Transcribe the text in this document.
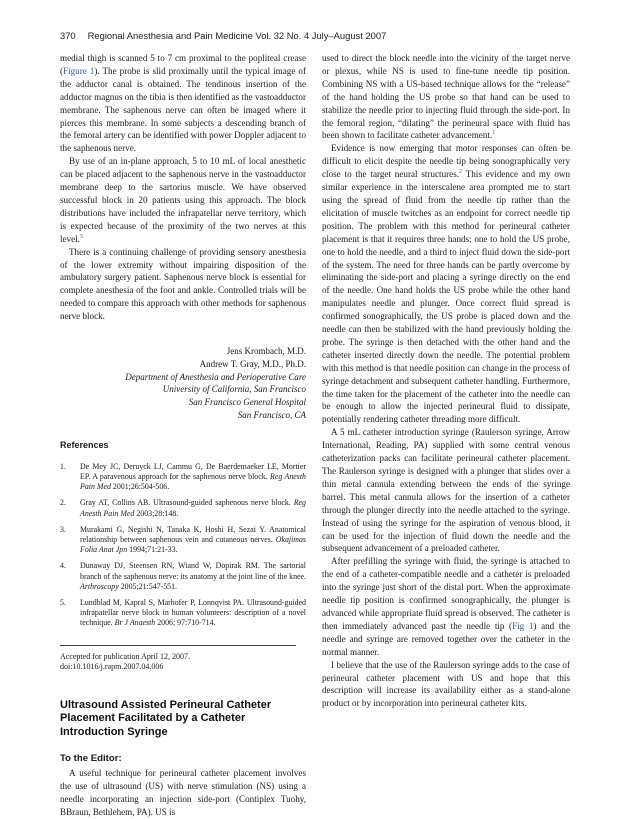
370 Regional Anesthesia and Pain Medicine Vol. 32 No. 4 July–August 2007

medial thigh is scanned 5 to 7 cm proximal to the popliteal crease (Figure 1). The probe is slid proximally until the typical image of the adductor canal is obtained. The tendinous insertion of the adductor magnus on the tibia is then identified as the vastoadductor membrane. The saphenous nerve can often be imaged where it pierces this membrane. In some subjects a descending branch of the femoral artery can be identified with power Doppler adjacent to the saphenous nerve.

By use of an in-plane approach, 5 to 10 mL of local anesthetic can be placed adjacent to the saphenous nerve in the vastoadductor membrane deep to the sartorius muscle. We have observed successful block in 20 patients using this approach. The block distributions have included the infrapatellar nerve territory, which is expected because of the proximity of the two nerves at this level.$^5$

There is a continuing challenge of providing sensory anesthesia of the lower extremity without impairing disposition of the ambulatory surgery patient. Saphenous nerve block is essential for complete anesthesia of the foot and ankle. Controlled trials will be needed to compare this approach with other methods for saphenous nerve block.

Jens Krombach, M.D.
Andrew T. Gray, M.D., Ph.D.
Department of Anesthesia and Perioperative Care
University of California, San Francisco
San Francisco General Hospital
San Francisco, CA
References
1. De Mey JC, Deruyck LJ, Cammu G, De Baerdemaeker LE, Mortier EP. A paravenous approach for the saphenous nerve block. Reg Anesth Pain Med 2001;26:504-506.
2. Gray AT, Collins AB. Ultrasound-guided saphenous nerve block. Reg Anesth Pain Med 2003;28:148.
3. Murakami G, Negishi N, Tanaka K, Hoshi H, Sezai Y. Anatomical relationship between saphenous vein and cutaneous nerves. Okajimas Folia Anat Jpn 1994;71:21-33.
4. Dunaway DJ, Steensen RN, Wiand W, Dopirak RM. The sartorial branch of the saphenous nerve: its anatomy at the joint line of the knee. Arthroscopy 2005;21:547-551.
5. Lundblad M, Kapral S, Marhofer P, Lonnqvist PA. Ultrasound-guided infrapatellar nerve block in human volunteers: description of a novel technique. Br J Anaesth 2006; 97:710-714.
Accepted for publication April 12, 2007.
doi:10.1016/j.rapm.2007.04.006
Ultrasound Assisted Perineural Catheter Placement Facilitated by a Catheter Introduction Syringe
To the Editor:

A useful technique for perineural catheter placement involves the use of ultrasound (US) with nerve stimulation (NS) using a needle incorporating an injection side-port (Contiplex Tuohy, BBraun, Bethlehem, PA). US is

used to direct the block needle into the vicinity of the target nerve or plexus, while NS is used to fine-tune needle tip position. Combining NS with a US-based technique allows for the “release” of the hand holding the US probe so that hand can be used to stabilize the needle prior to injecting fluid through the side-port. In the femoral region, “dilating” the perineural space with fluid has been shown to facilitate catheter advancement.$^1$

Evidence is now emerging that motor responses can often be difficult to elicit despite the needle tip being sonographically very close to the target neural structures.$^2$ This evidence and my own similar experience in the interscalene area prompted me to start using the spread of fluid from the needle tip rather than the elicitation of muscle twitches as an endpoint for correct needle tip position. The problem with this method for perineural catheter placement is that it requires three hands; one to hold the US probe, one to hold the needle, and a third to inject fluid down the side-port of the system. The need for three hands can be partly overcome by eliminating the side-port and placing a syringe directly on the end of the needle. One hand holds the US probe while the other hand manipulates needle and plunger. Once correct fluid spread is confirmed sonographically, the US probe is placed down and the needle can then be stabilized with the hand previously holding the probe. The syringe is then detached with the other hand and the catheter inserted directly down the needle. The potential problem with this method is that needle position can change in the process of syringe detachment and subsequent catheter handling. Furthermore, the time taken for the placement of the catheter into the needle can be enough to allow the injected perineural fluid to dissipate, potentially rendering catheter threading more difficult.

A 5 mL catheter introduction syringe (Raulerson syringe, Arrow International, Reading, PA) supplied with some central venous catheterization packs can facilitate perineural catheter placement. The Raulerson syringe is designed with a plunger that slides over a thin metal cannula extending between the ends of the syringe barrel. This metal cannula allows for the insertion of a catheter through the plunger directly into the needle attached to the syringe. Instead of using the syringe for the aspiration of venous blood, it can be used for the injection of fluid down the needle and the subsequent advancement of a preloaded catheter.

After prefilling the syringe with fluid, the syringe is attached to the end of a catheter-compatible needle and a catheter is preloaded into the syringe just short of the distal port. When the approximate needle tip position is confirmed sonographically, the plunger is advanced while appropriate fluid spread is observed. The catheter is then immediately advanced past the needle tip (Fig 1) and the needle and syringe are removed together over the catheter in the normal manner.

I believe that the use of the Raulerson syringe adds to the case of perineural catheter placement with US and hope that this description will increase its availability either as a stand-alone product or by incorporation into perineural catheter kits.
